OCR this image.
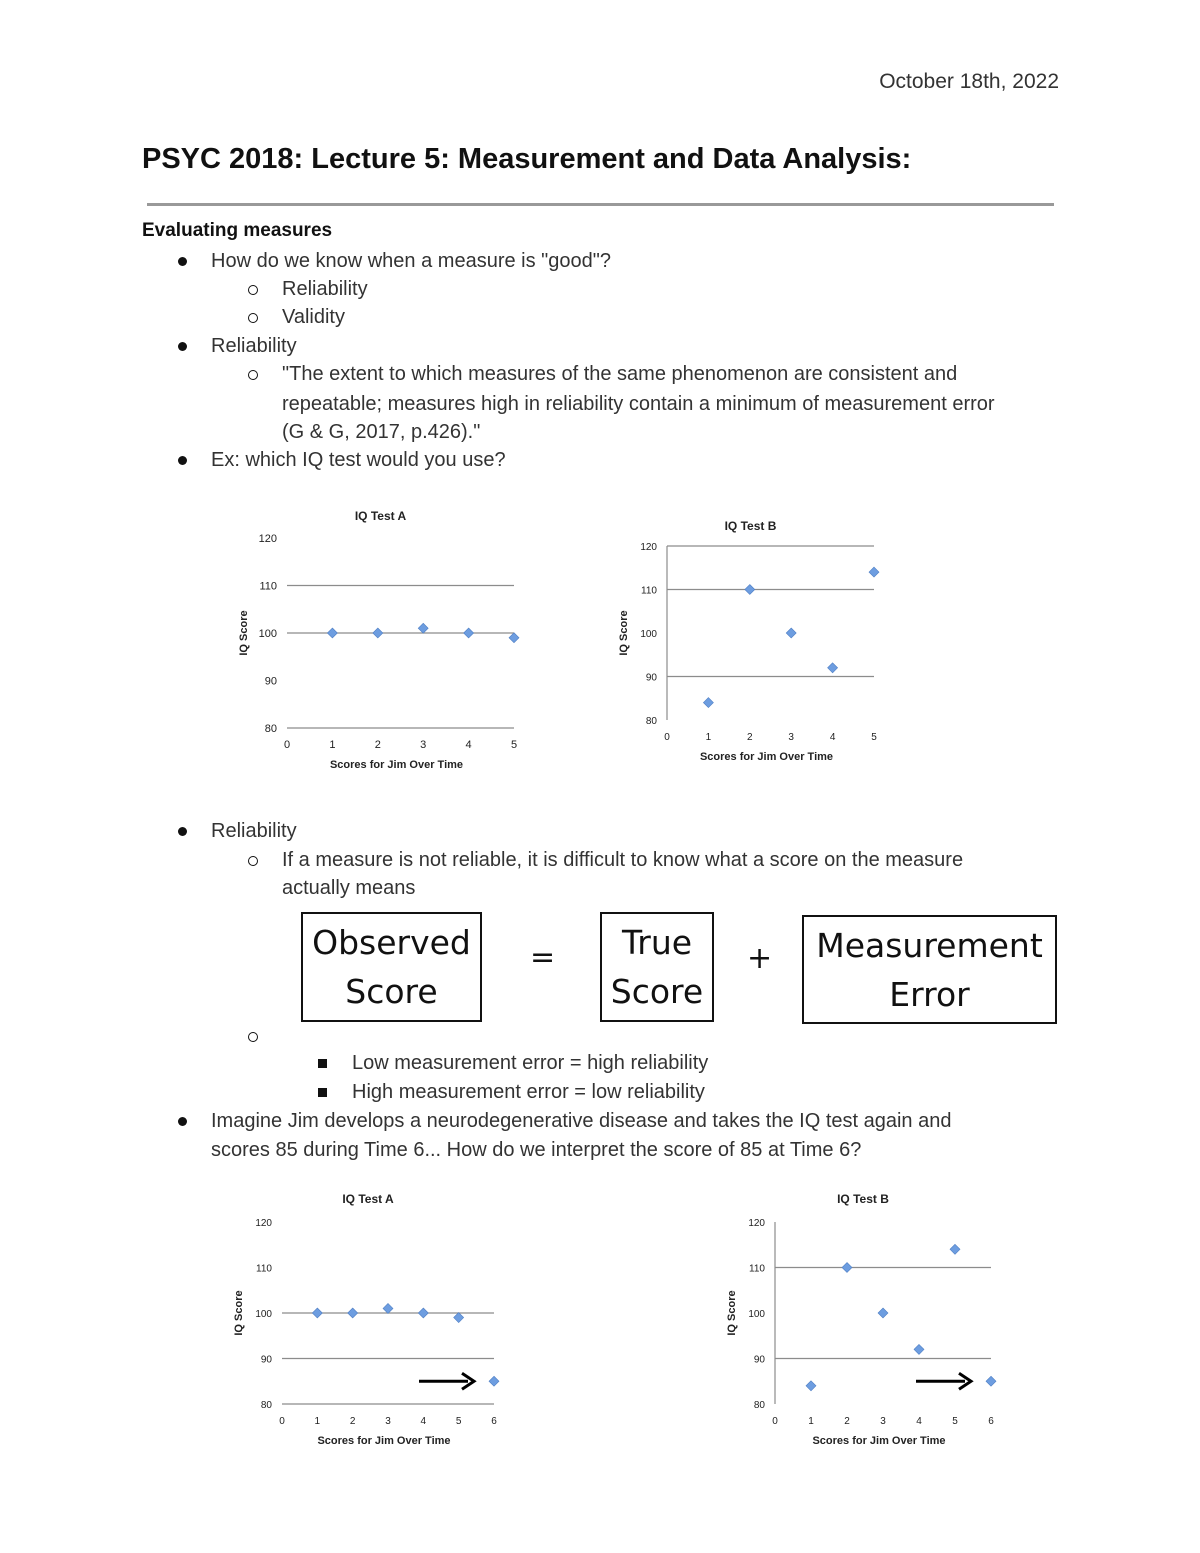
October 18th, 2022
PSYC 2018: Lecture 5: Measurement and Data Analysis:
Evaluating measures
How do we know when a measure is "good"?
Reliability
Validity
Reliability
"The extent to which measures of the same phenomenon are consistent and
repeatable; measures high in reliability contain a minimum of measurement error
(G & G, 2017, p.426)."
Ex: which IQ test would you use?
IQ Test A
80
90
100
110
120
0	1	2	3	4	5
Scores for Jim Over Time
IQ Score
IQ Test B
80
90
100
110
120
0	1	2	3	4	5
Scores for Jim Over Time
IQ Score
Reliability
If a measure is not reliable, it is difficult to know what a score on the measure
actually means
Observed
Score
=	True
Score
+ Measurement
Error
Low measurement error = high reliability
High measurement error = low reliability
Imagine Jim develops a neurodegenerative disease and takes the IQ test again and
scores 85 during Time 6... How do we interpret the score of 85 at Time 6?
IQ Test A
80
90
100
110
120
0	1	2	3	4	5	6
Scores for Jim Over Time
IQ Score
IQ Test B
80
90
100
110
120
0	1	2	3	4	5	6
Scores for Jim Over Time
IQ Score
